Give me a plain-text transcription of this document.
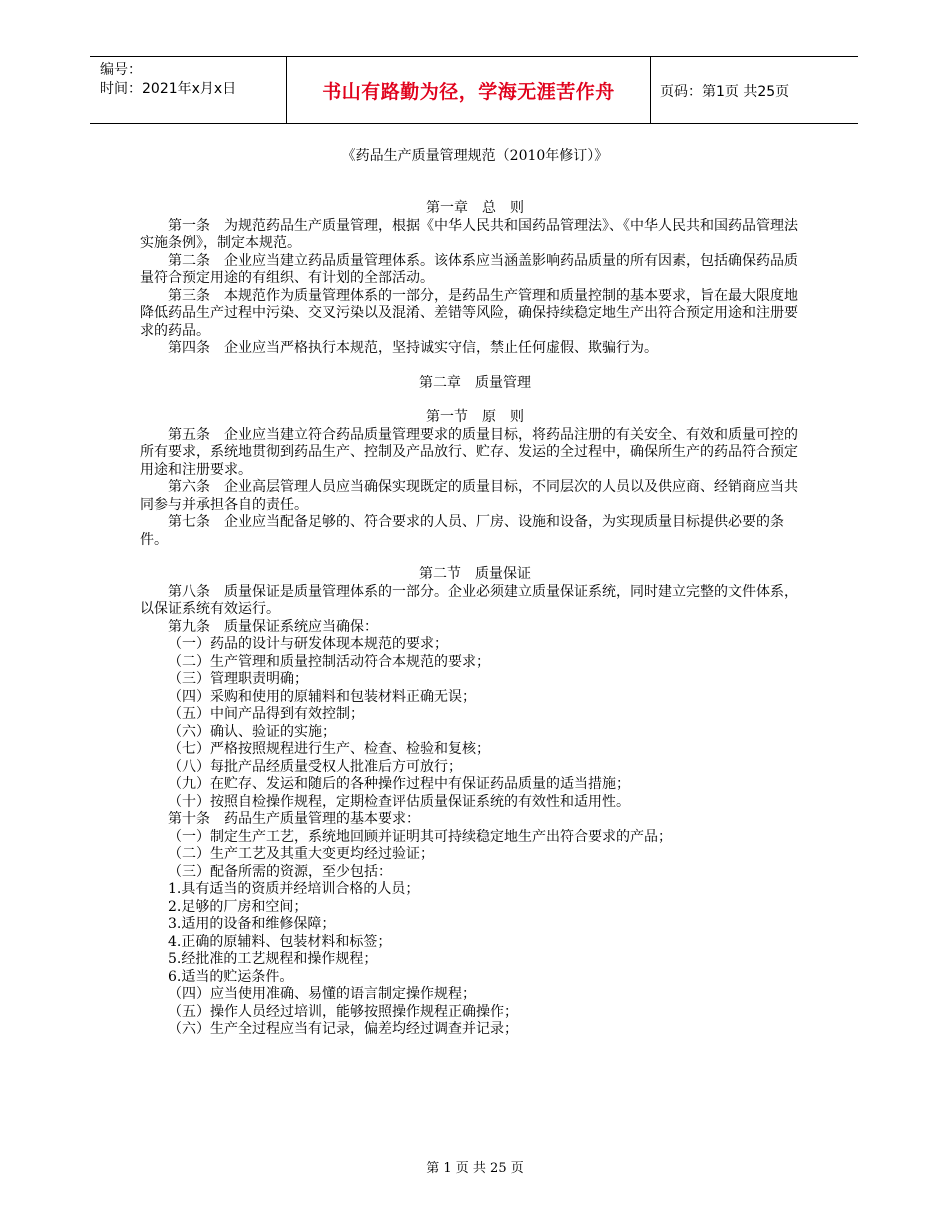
编号：
时间：2021年x月x日	书山有路勤为径，学海无涯苦作舟	页码：第1页 共25页
《药品生产质量管理规范（2010年修订）》

第一章　总　则

第一条　为规范药品生产质量管理，根据《中华人民共和国药品管理法》、《中华人民共和国药品管理法实施条例》，制定本规范。

第二条　企业应当建立药品质量管理体系。该体系应当涵盖影响药品质量的所有因素，包括确保药品质量符合预定用途的有组织、有计划的全部活动。

第三条　本规范作为质量管理体系的一部分，是药品生产管理和质量控制的基本要求，旨在最大限度地降低药品生产过程中污染、交叉污染以及混淆、差错等风险，确保持续稳定地生产出符合预定用途和注册要求的药品。

第四条　企业应当严格执行本规范，坚持诚实守信，禁止任何虚假、欺骗行为。

第二章　质量管理

第一节　原　则

第五条　企业应当建立符合药品质量管理要求的质量目标，将药品注册的有关安全、有效和质量可控的所有要求，系统地贯彻到药品生产、控制及产品放行、贮存、发运的全过程中，确保所生产的药品符合预定用途和注册要求。

第六条　企业高层管理人员应当确保实现既定的质量目标，不同层次的人员以及供应商、经销商应当共同参与并承担各自的责任。

第七条　企业应当配备足够的、符合要求的人员、厂房、设施和设备，为实现质量目标提供必要的条件。

第二节　质量保证

第八条　质量保证是质量管理体系的一部分。企业必须建立质量保证系统，同时建立完整的文件体系，以保证系统有效运行。

第九条　质量保证系统应当确保：

（一）药品的设计与研发体现本规范的要求；

（二）生产管理和质量控制活动符合本规范的要求；

（三）管理职责明确；

（四）采购和使用的原辅料和包装材料正确无误；

（五）中间产品得到有效控制；

（六）确认、验证的实施；

（七）严格按照规程进行生产、检查、检验和复核；

（八）每批产品经质量受权人批准后方可放行；

（九）在贮存、发运和随后的各种操作过程中有保证药品质量的适当措施；

（十）按照自检操作规程，定期检查评估质量保证系统的有效性和适用性。

第十条　药品生产质量管理的基本要求：

（一）制定生产工艺，系统地回顾并证明其可持续稳定地生产出符合要求的产品；

（二）生产工艺及其重大变更均经过验证；

（三）配备所需的资源，至少包括：

1.具有适当的资质并经培训合格的人员；

2.足够的厂房和空间；

3.适用的设备和维修保障；

4.正确的原辅料、包装材料和标签；

5.经批准的工艺规程和操作规程；

6.适当的贮运条件。

（四）应当使用准确、易懂的语言制定操作规程；

（五）操作人员经过培训，能够按照操作规程正确操作；

（六）生产全过程应当有记录，偏差均经过调查并记录；

第 1 页 共 25 页
